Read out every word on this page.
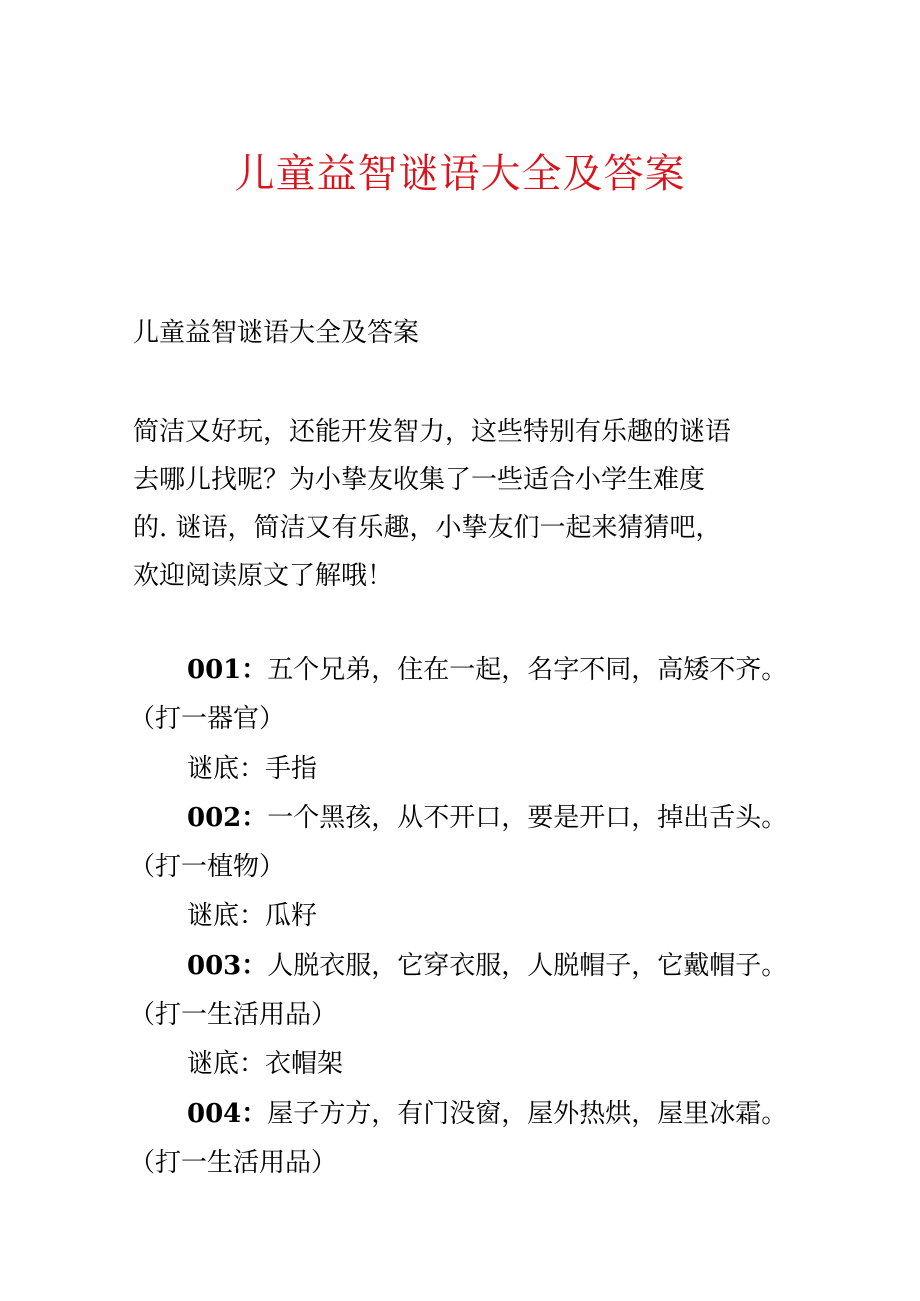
儿童益智谜语大全及答案
儿童益智谜语大全及答案

简洁又好玩，还能开发智力，这些特别有乐趣的谜语
去哪儿找呢？为小挚友收集了一些适合小学生难度
的. 谜语，简洁又有乐趣，小挚友们一起来猜猜吧，
欢迎阅读原文了解哦！

001：五个兄弟，住在一起，名字不同，高矮不齐。
（打一器官）
谜底：手指
002：一个黑孩，从不开口，要是开口，掉出舌头。
（打一植物）
谜底：瓜籽
003：人脱衣服，它穿衣服，人脱帽子，它戴帽子。
（打一生活用品）
谜底：衣帽架
004：屋子方方，有门没窗，屋外热烘，屋里冰霜。
（打一生活用品）
